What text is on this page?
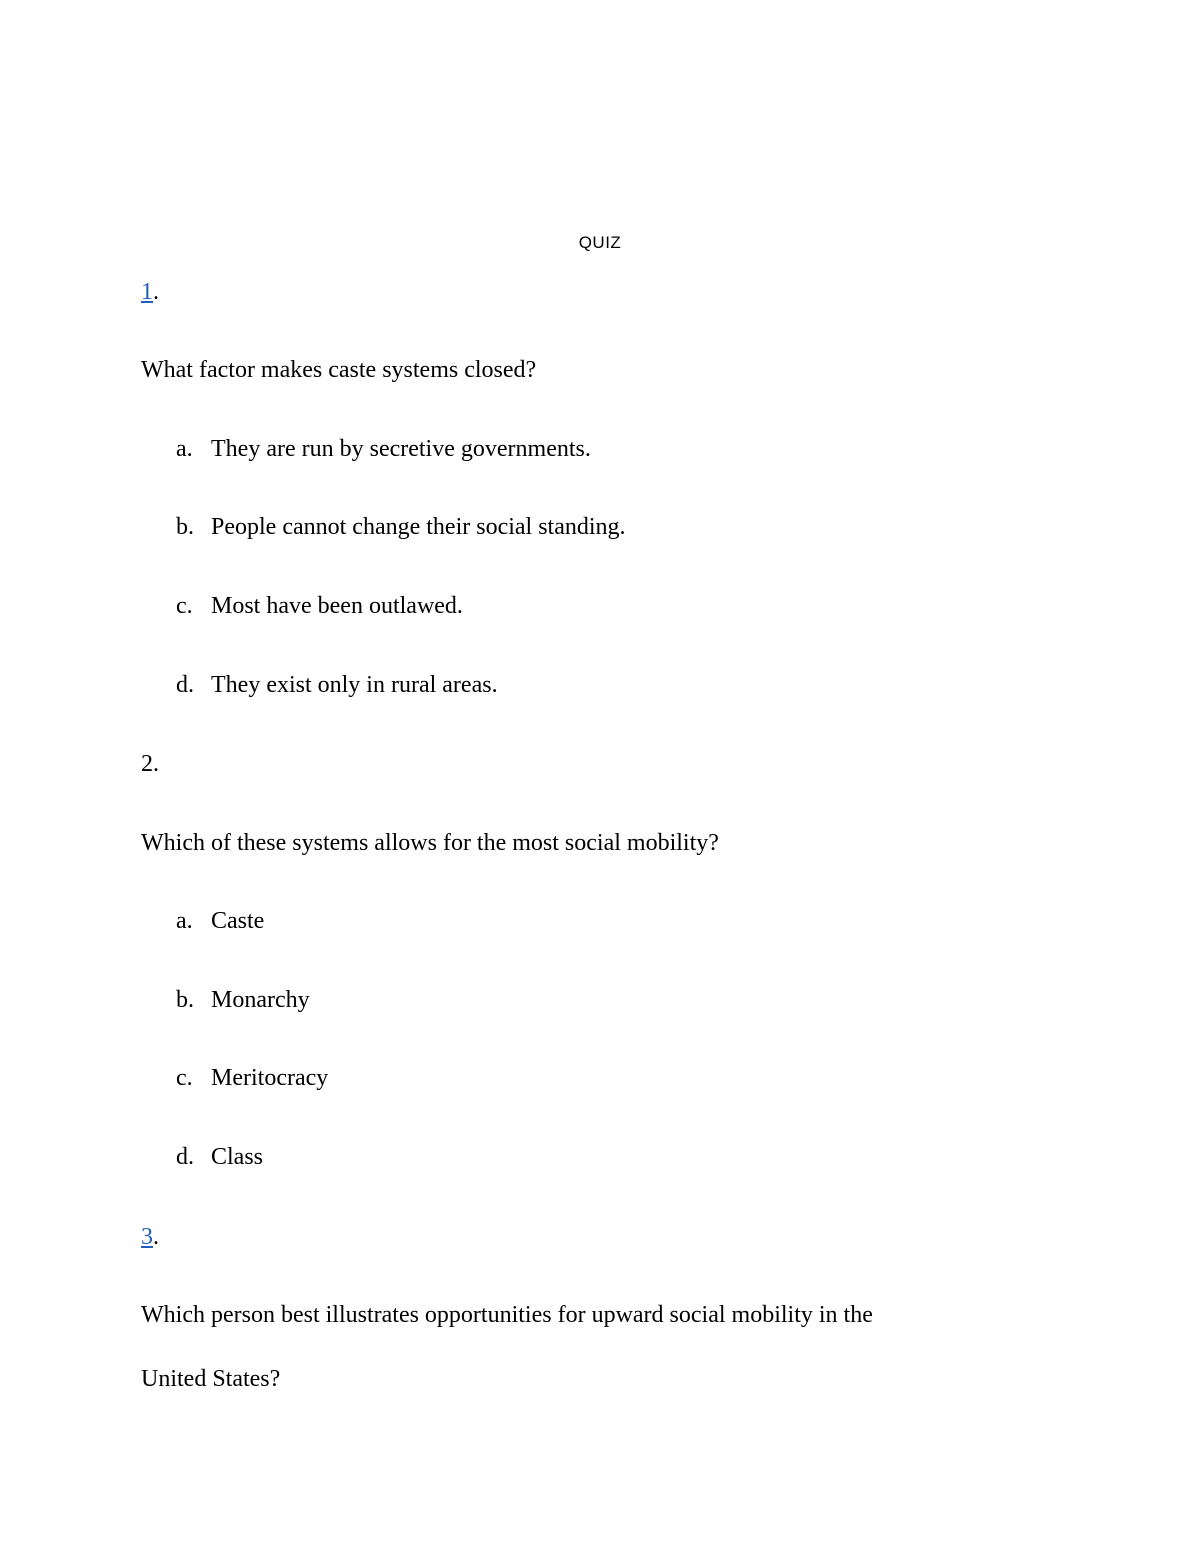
QUIZ
1.
What factor makes caste systems closed?
a. They are run by secretive governments.
b. People cannot change their social standing.
c. Most have been outlawed.
d. They exist only in rural areas.
2.
Which of these systems allows for the most social mobility?
a. Caste
b. Monarchy
c. Meritocracy
d. Class
3.
Which person best illustrates opportunities for upward social mobility in the
United States?
